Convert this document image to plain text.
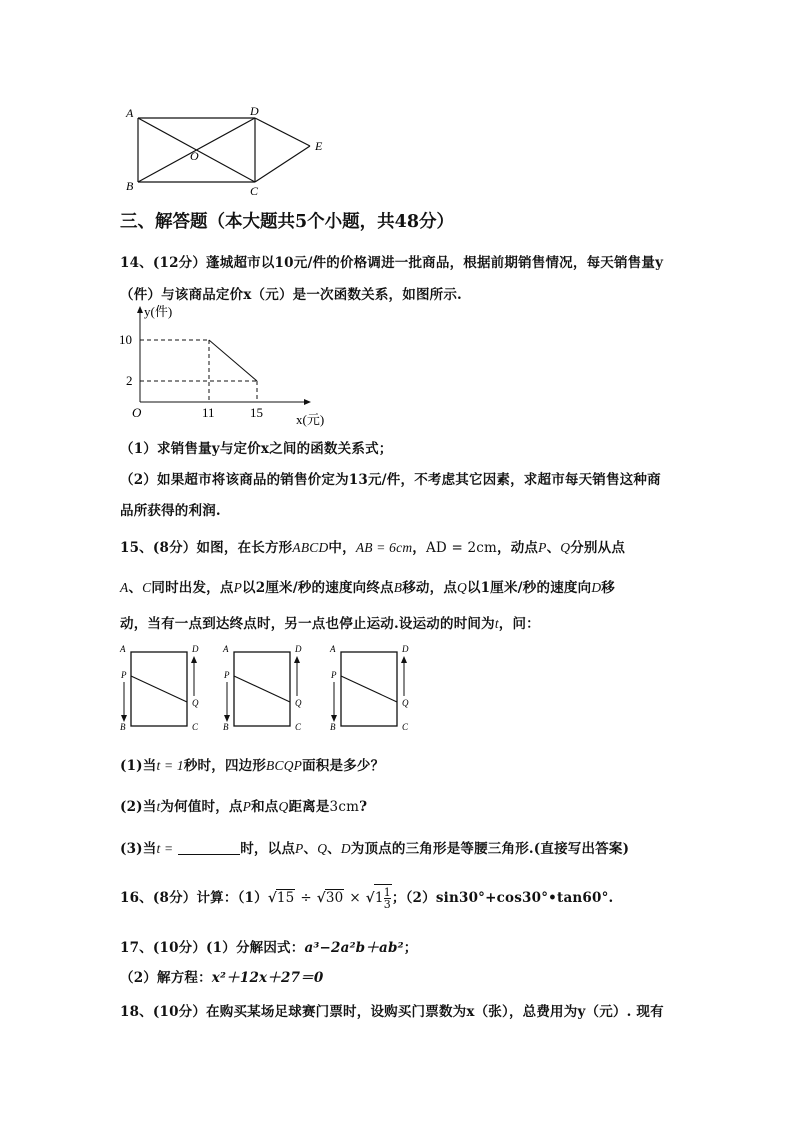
A
B	C
D
E
O
三、解答题（本大题共5个小题，共48分）
14、(12分）蓬城超市以10元/件的价格调进一批商品，根据前期销售情况，每天销售量y
（件）与该商品定价x（元）是一次函数关系，如图所示.
y(件)
10
2
O	11	15	x(元)
（1）求销售量y与定价x之间的函数关系式；
（2）如果超市将该商品的销售价定为13元/件，不考虑其它因素，求超市每天销售这种商
品所获得的利润.
15、(8分）如图，在长方形ABCD中，AB = 6cm，AD = 2cm，动点P、Q分别从点
A、C同时出发，点P以2厘米/秒的速度向终点B移动，点Q以1厘米/秒的速度向D移
动，当有一点到达终点时，另一点也停止运动.设运动的时间为t，问：
A	D
P
Q
B	C
A	D
P
Q
B	C
A	D
P
Q
B	C
(1)当t = 1秒时，四边形BCQP面积是多少？
(2)当t为何值时，点P和点Q距离是3cm?
(3)当t =	时，以点P、Q、D为顶点的三角形是等腰三角形.(直接写出答案)
16、(8分）计算：$(1)√15 \div √30 \times √1 \frac{1}{3}$ ；（2）sin30°+cos30°•tan60°.
17、(10分）(1）分解因式：a³−2a²b＋ab²；
（2）解方程：x²＋12x＋27＝0
18、(10分）在购买某场足球赛门票时，设购买门票数为x（张），总费用为y（元）. 现有
